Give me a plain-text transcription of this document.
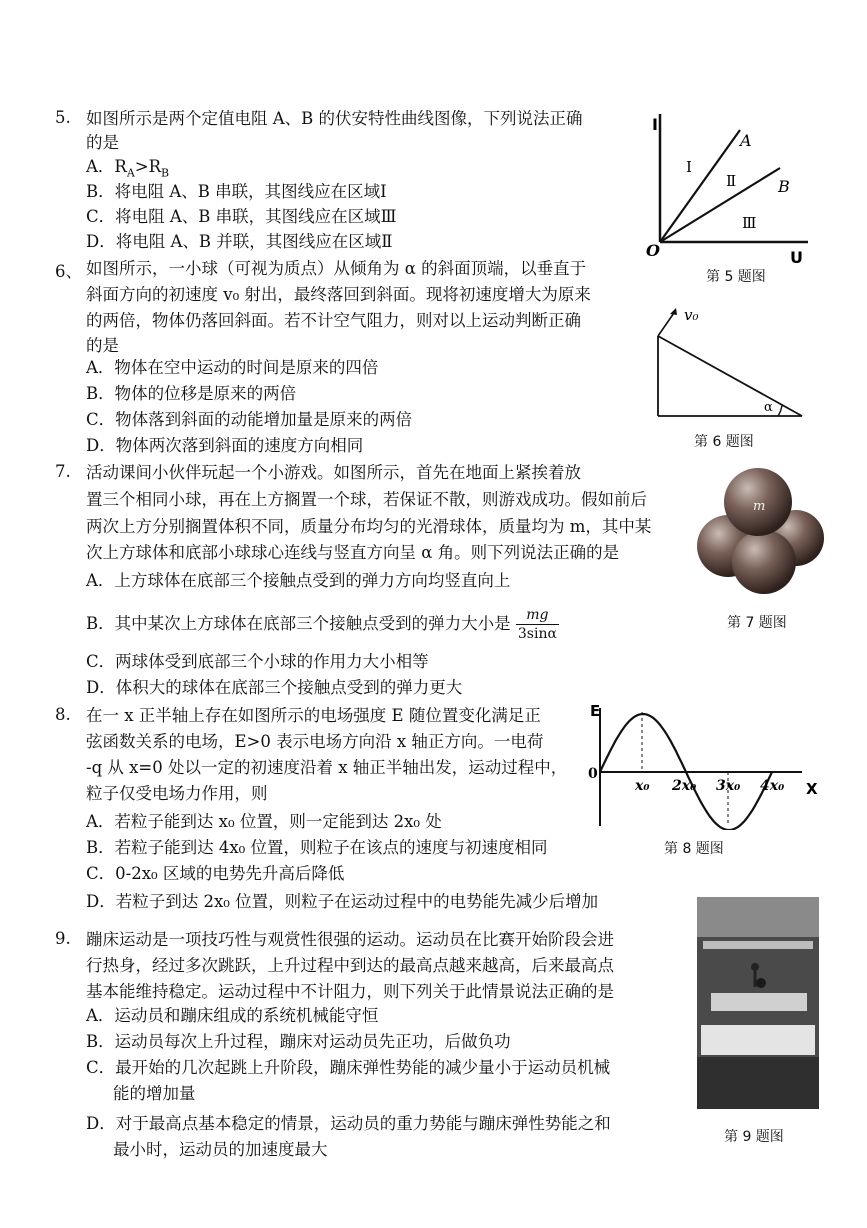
5. 如图所示是两个定值电阻 A、B 的伏安特性曲线图像，下列说法正确
的是
A．$R_A>R_B$
B．将电阻 A、B 串联，其图线应在区域Ⅰ
C．将电阻 A、B 串联，其图线应在区域Ⅲ
D．将电阻 A、B 并联，其图线应在区域Ⅱ
I
U
O
A
B
Ⅰ
Ⅱ
Ⅲ
第 5 题图
6、 如图所示，一小球（可视为质点）从倾角为 α 的斜面顶端，以垂直于
斜面方向的初速度 v₀ 射出，最终落回到斜面。现将初速度增大为原来
的两倍，物体仍落回斜面。若不计空气阻力，则对以上运动判断正确
的是
A．物体在空中运动的时间是原来的四倍
B．物体的位移是原来的两倍
C．物体落到斜面的动能增加量是原来的两倍
D．物体两次落到斜面的速度方向相同
v₀
α
第 6 题图
7. 活动课间小伙伴玩起一个小游戏。如图所示，首先在地面上紧挨着放
置三个相同小球，再在上方搁置一个球，若保证不散，则游戏成功。假如前后
两次上方分别搁置体积不同，质量分布均匀的光滑球体，质量均为 m，其中某
次上方球体和底部小球球心连线与竖直方向呈 α 角。则下列说法正确的是
A．上方球体在底部三个接触点受到的弹力方向均竖直向上
B．其中某次上方球体在底部三个接触点受到的弹力大小是 $\frac{mg}{3\sin\alpha}$
C．两球体受到底部三个小球的作用力大小相等
D．体积大的球体在底部三个接触点受到的弹力更大
m
第 7 题图
8. 在一 x 正半轴上存在如图所示的电场强度 E 随位置变化满足正
弦函数关系的电场，E>0 表示电场方向沿 x 轴正方向。一电荷
-q 从 x=0 处以一定的初速度沿着 x 轴正半轴出发，运动过程中，
粒子仅受电场力作用，则
A．若粒子能到达 x₀ 位置，则一定能到达 2x₀ 处
B．若粒子能到达 4x₀ 位置，则粒子在该点的速度与初速度相同
C．0-2x₀ 区域的电势先升高后降低
D．若粒子到达 2x₀ 位置，则粒子在运动过程中的电势能先减少后增加
E
X
0
x₀ 2x₀ 3x₀ 4x₀
第 8 题图
9. 蹦床运动是一项技巧性与观赏性很强的运动。运动员在比赛开始阶段会进
行热身，经过多次跳跃，上升过程中到达的最高点越来越高，后来最高点
基本能维持稳定。运动过程中不计阻力，则下列关于此情景说法正确的是
A．运动员和蹦床组成的系统机械能守恒
B．运动员每次上升过程，蹦床对运动员先正功，后做负功
C．最开始的几次起跳上升阶段，蹦床弹性势能的减少量小于运动员机械
能的增加量
D．对于最高点基本稳定的情景，运动员的重力势能与蹦床弹性势能之和
最小时，运动员的加速度最大
第 9 题图
